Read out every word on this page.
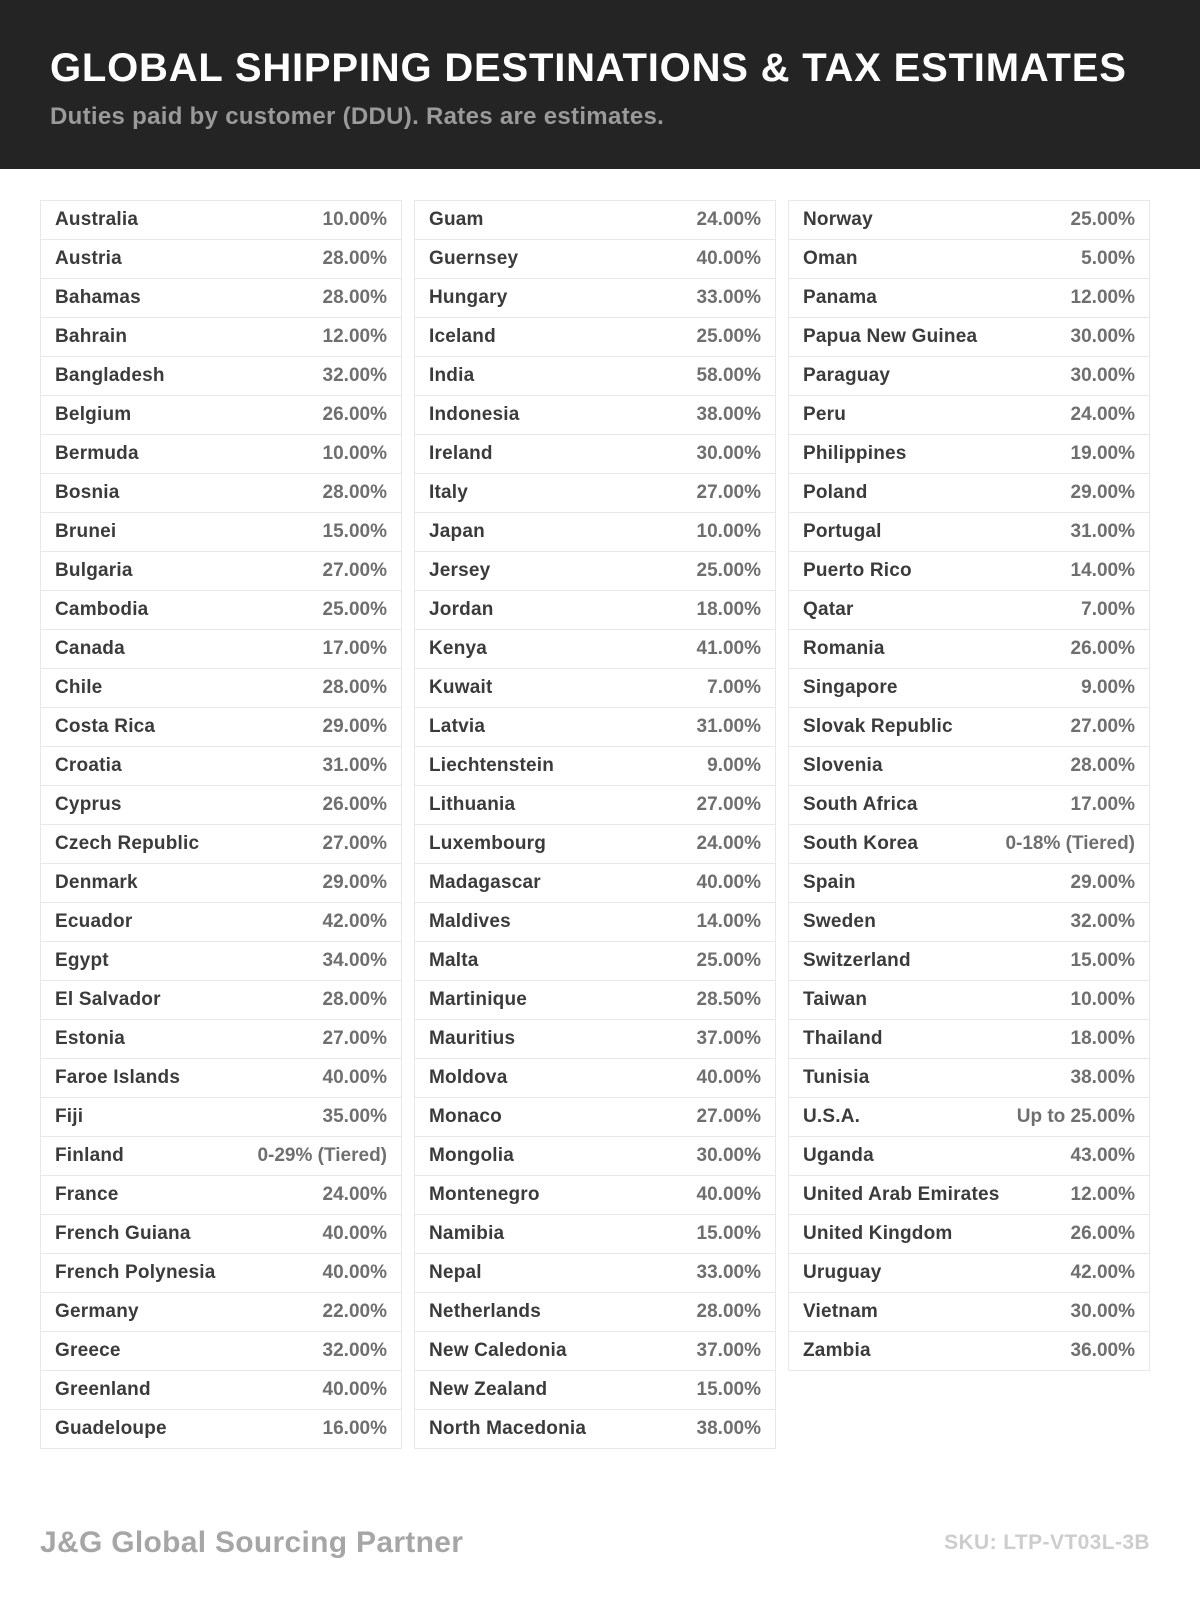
GLOBAL SHIPPING DESTINATIONS & TAX ESTIMATES
Duties paid by customer (DDU). Rates are estimates.
Australia	10.00%
Austria	28.00%
Bahamas	28.00%
Bahrain	12.00%
Bangladesh	32.00%
Belgium	26.00%
Bermuda	10.00%
Bosnia	28.00%
Brunei	15.00%
Bulgaria	27.00%
Cambodia	25.00%
Canada	17.00%
Chile	28.00%
Costa Rica	29.00%
Croatia	31.00%
Cyprus	26.00%
Czech Republic	27.00%
Denmark	29.00%
Ecuador	42.00%
Egypt	34.00%
El Salvador	28.00%
Estonia	27.00%
Faroe Islands	40.00%
Fiji	35.00%
Finland	0-29% (Tiered)
France	24.00%
French Guiana	40.00%
French Polynesia	40.00%
Germany	22.00%
Greece	32.00%
Greenland	40.00%
Guadeloupe	16.00%
Guam	24.00%
Guernsey	40.00%
Hungary	33.00%
Iceland	25.00%
India	58.00%
Indonesia	38.00%
Ireland	30.00%
Italy	27.00%
Japan	10.00%
Jersey	25.00%
Jordan	18.00%
Kenya	41.00%
Kuwait	7.00%
Latvia	31.00%
Liechtenstein	9.00%
Lithuania	27.00%
Luxembourg	24.00%
Madagascar	40.00%
Maldives	14.00%
Malta	25.00%
Martinique	28.50%
Mauritius	37.00%
Moldova	40.00%
Monaco	27.00%
Mongolia	30.00%
Montenegro	40.00%
Namibia	15.00%
Nepal	33.00%
Netherlands	28.00%
New Caledonia	37.00%
New Zealand	15.00%
North Macedonia	38.00%
Norway	25.00%
Oman	5.00%
Panama	12.00%
Papua New Guinea	30.00%
Paraguay	30.00%
Peru	24.00%
Philippines	19.00%
Poland	29.00%
Portugal	31.00%
Puerto Rico	14.00%
Qatar	7.00%
Romania	26.00%
Singapore	9.00%
Slovak Republic	27.00%
Slovenia	28.00%
South Africa	17.00%
South Korea	0-18% (Tiered)
Spain	29.00%
Sweden	32.00%
Switzerland	15.00%
Taiwan	10.00%
Thailand	18.00%
Tunisia	38.00%
U.S.A.	Up to 25.00%
Uganda	43.00%
United Arab Emirates	12.00%
United Kingdom	26.00%
Uruguay	42.00%
Vietnam	30.00%
Zambia	36.00%
J&G Global Sourcing Partner	SKU: LTP-VT03L-3B
